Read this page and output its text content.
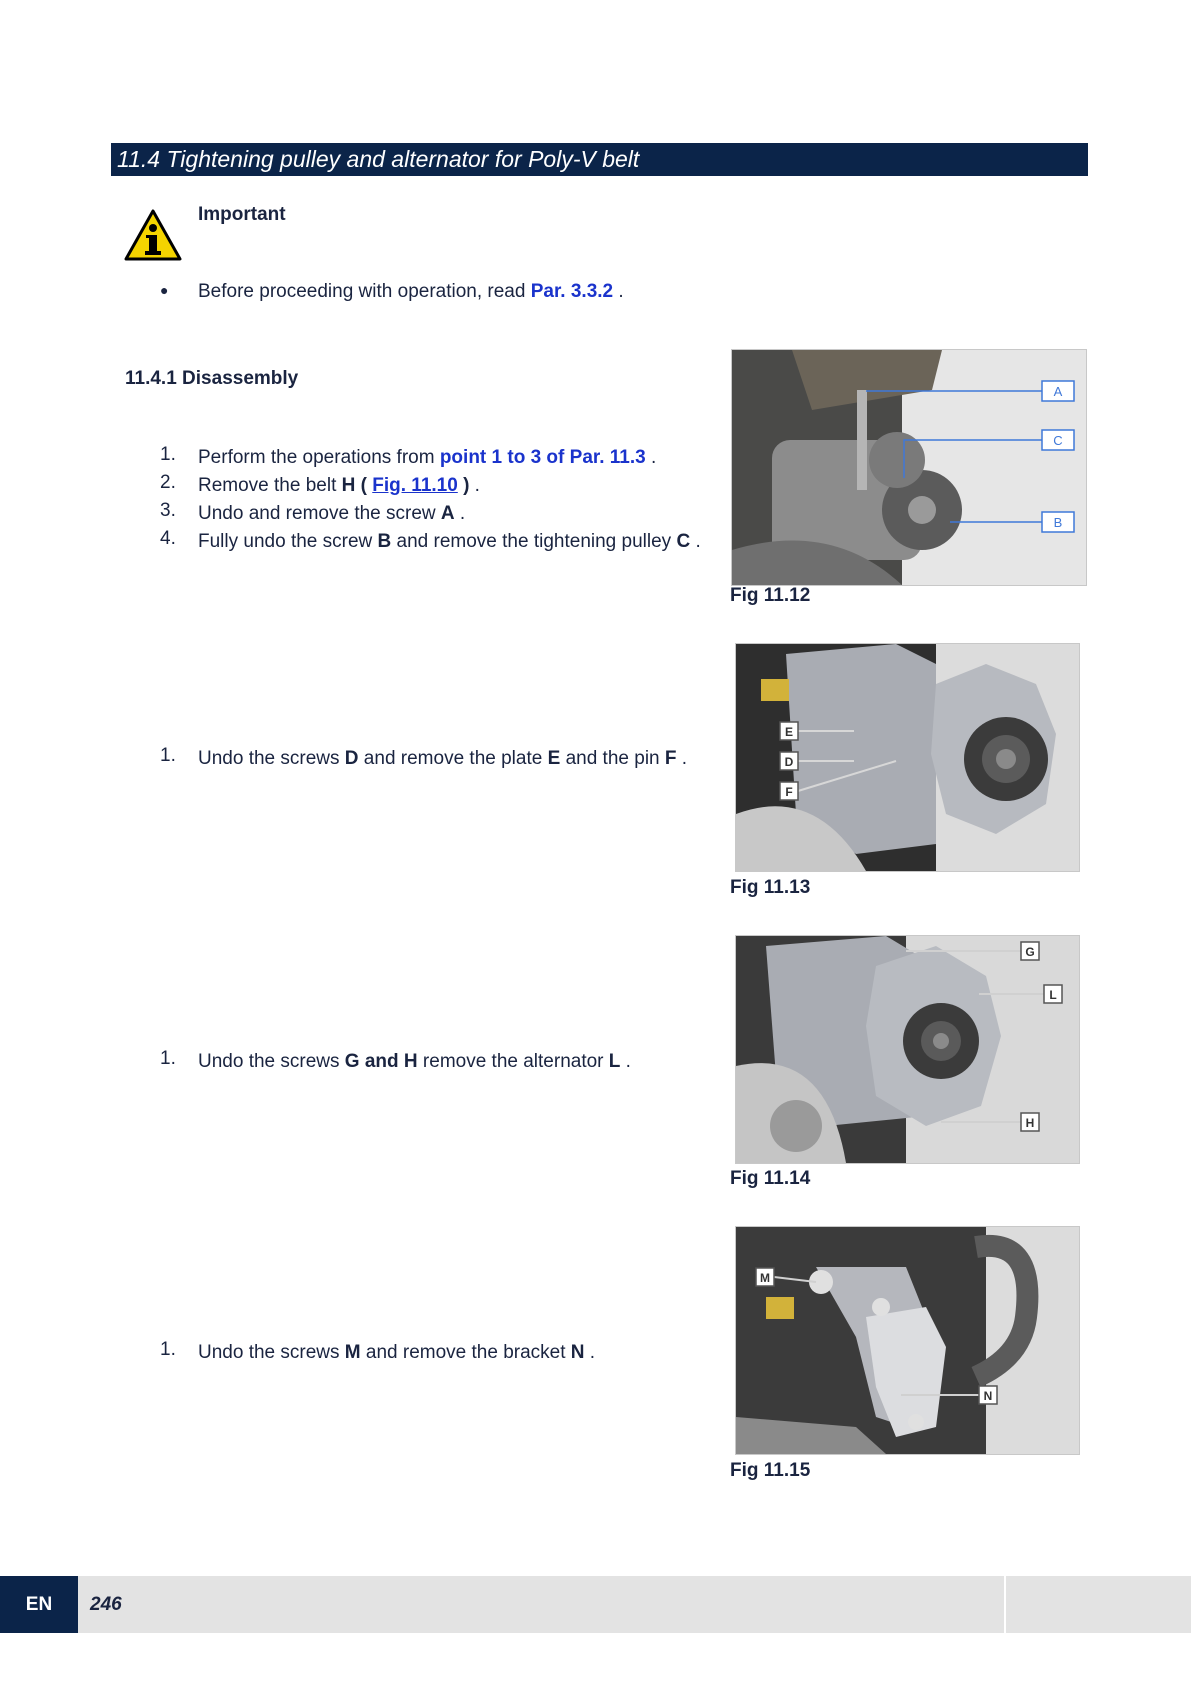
11.4 Tightening pulley and alternator for Poly-V belt
Important
● Before proceeding with operation, read Par. 3.3.2 .
11.4.1 Disassembly
1.	Perform the operations from point 1 to 3 of Par. 11.3 .
2.	Remove the belt H ( Fig. 11.10 ) .
3.	Undo and remove the screw A .
4.	Fully undo the screw B and remove the tightening pulley C .
1.	Undo the screws D and remove the plate E and the pin F .
1.	Undo the screws G and H remove the alternator L .
1.	Undo the screws M and remove the bracket N .
A
C
B
Fig 11.12
E
D
F
Fig 11.13
G
L
H
Fig 11.14
M
N
Fig 11.15
EN	246
